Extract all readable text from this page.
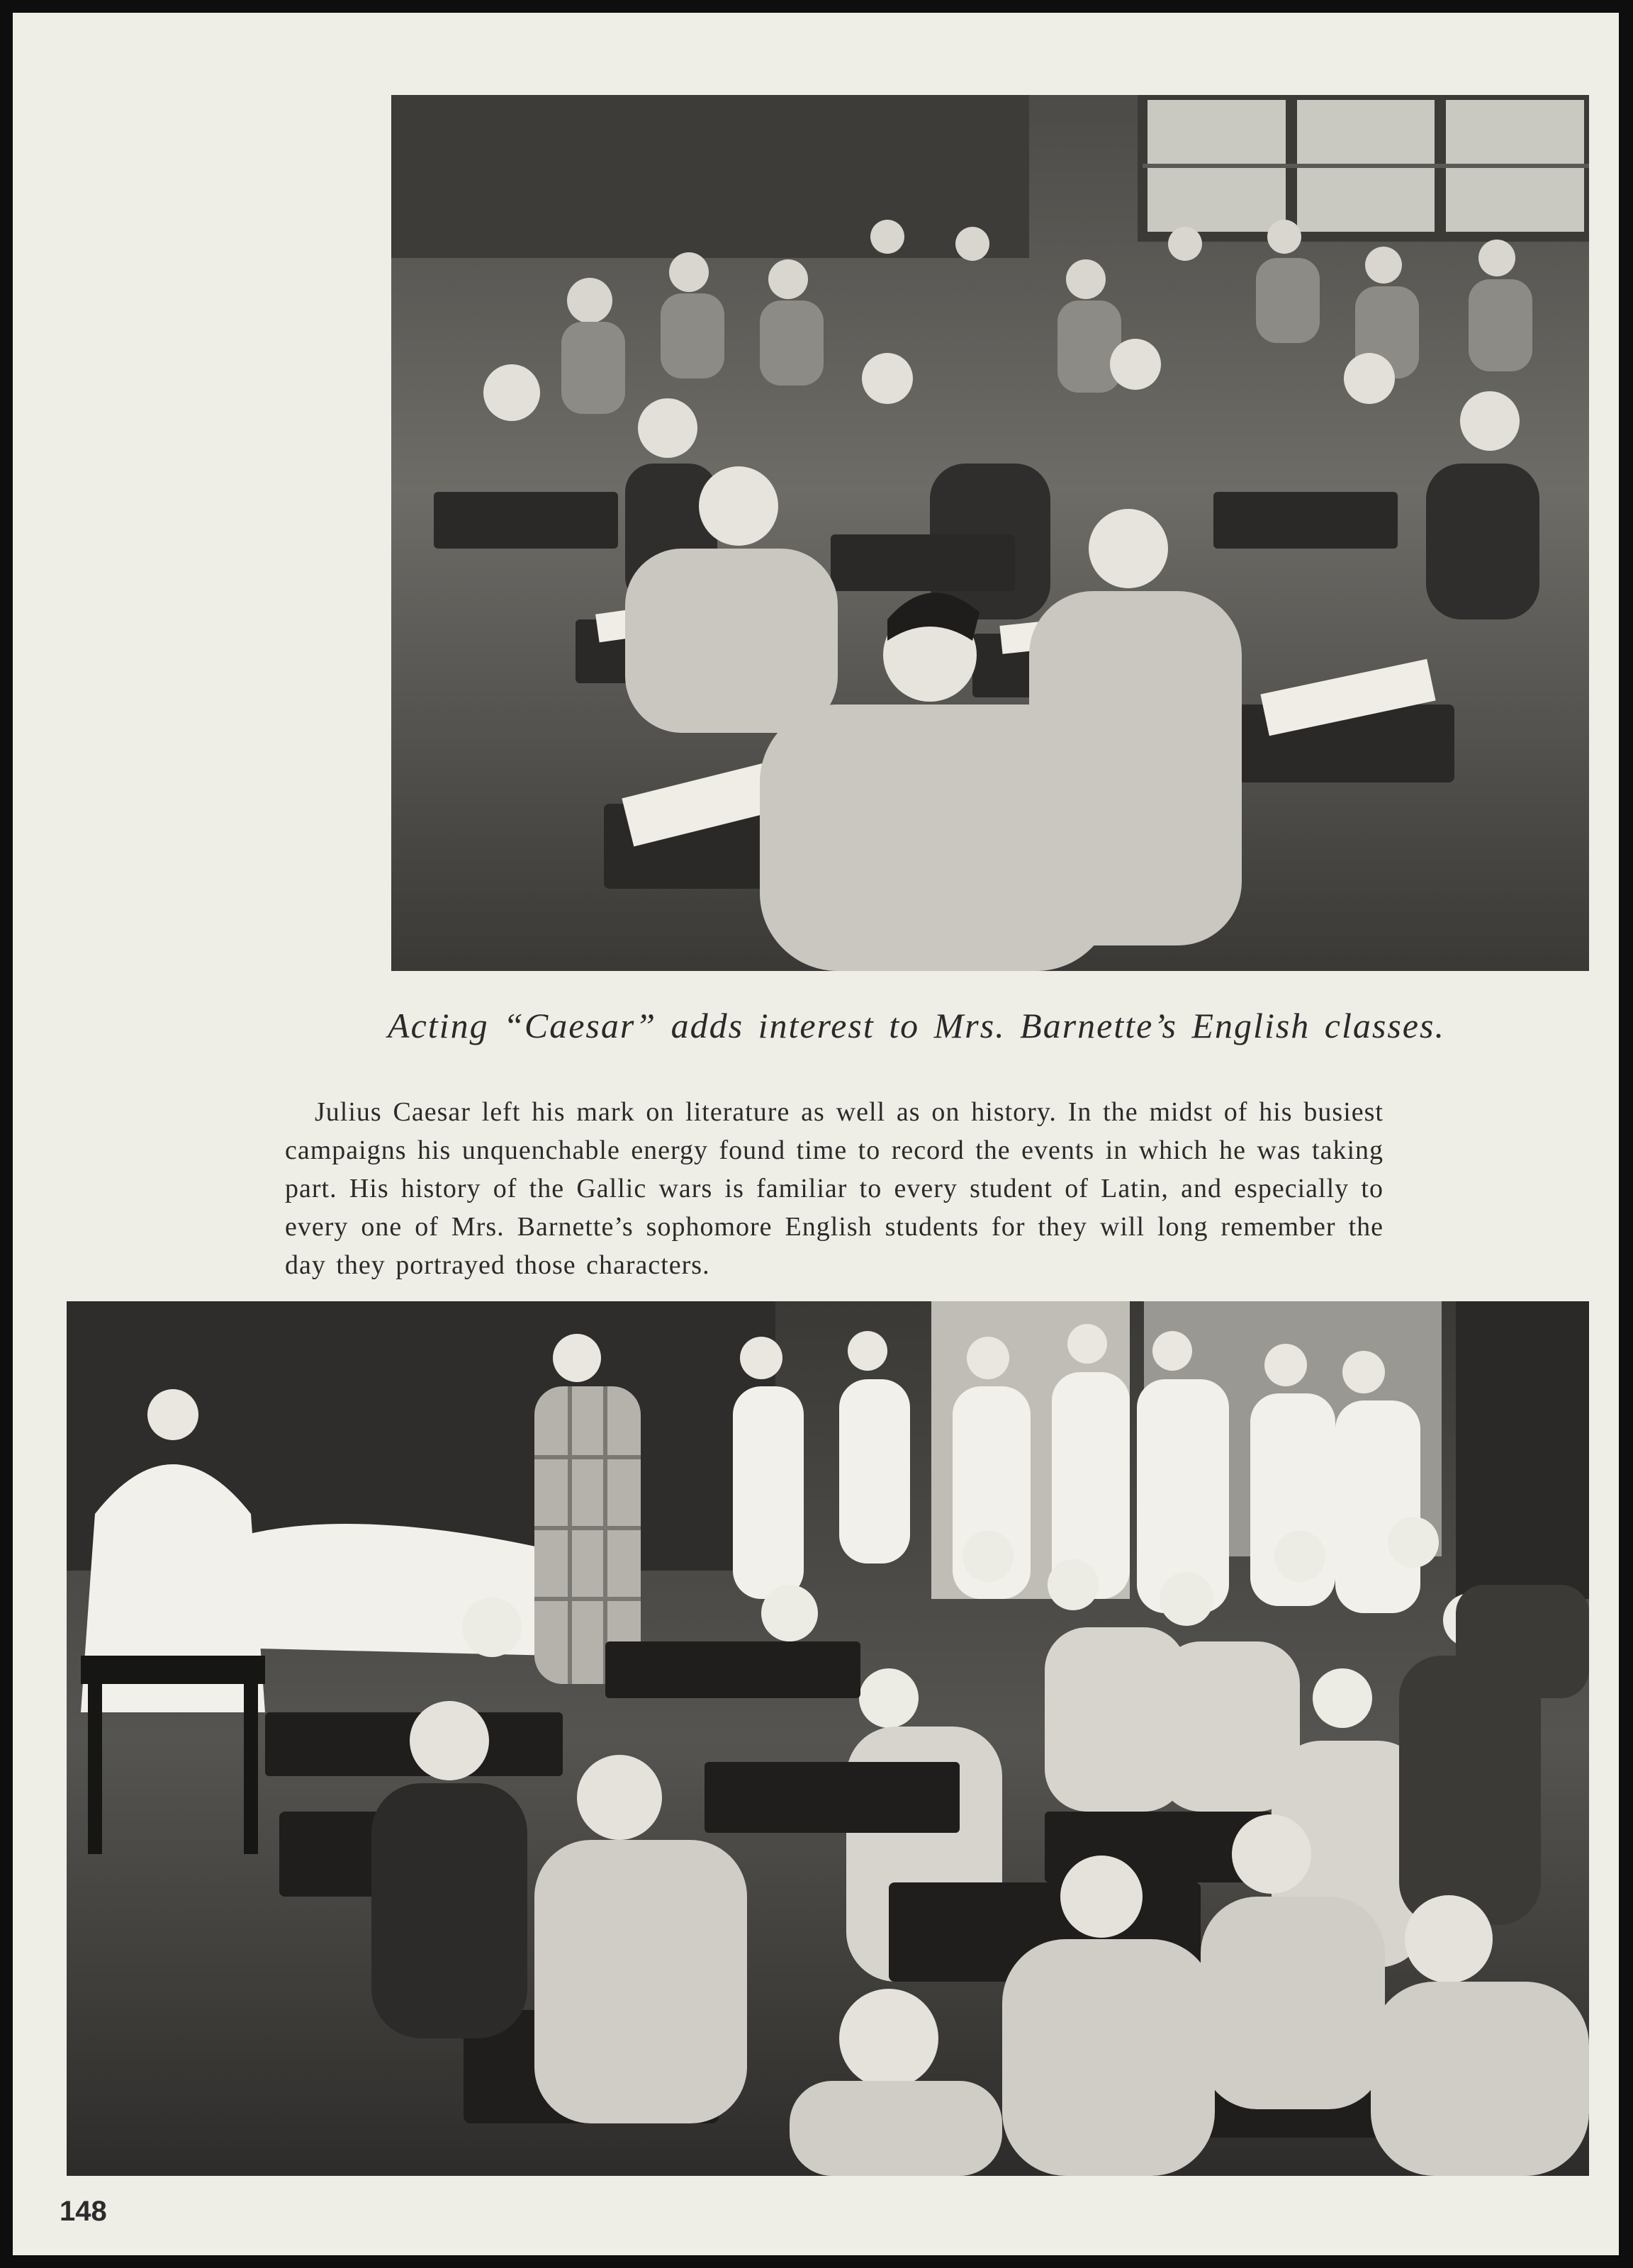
Acting “Caesar” adds interest to Mrs. Barnette’s English classes.

Julius Caesar left his mark on literature as well as on history. In the midst of his busiest campaigns his unquenchable energy found time to record the events in which he was taking part. His history of the Gallic wars is familiar to every student of Latin, and especially to every one of Mrs. Barnette’s sophomore English students for they will long remember the day they portrayed those characters.

148
